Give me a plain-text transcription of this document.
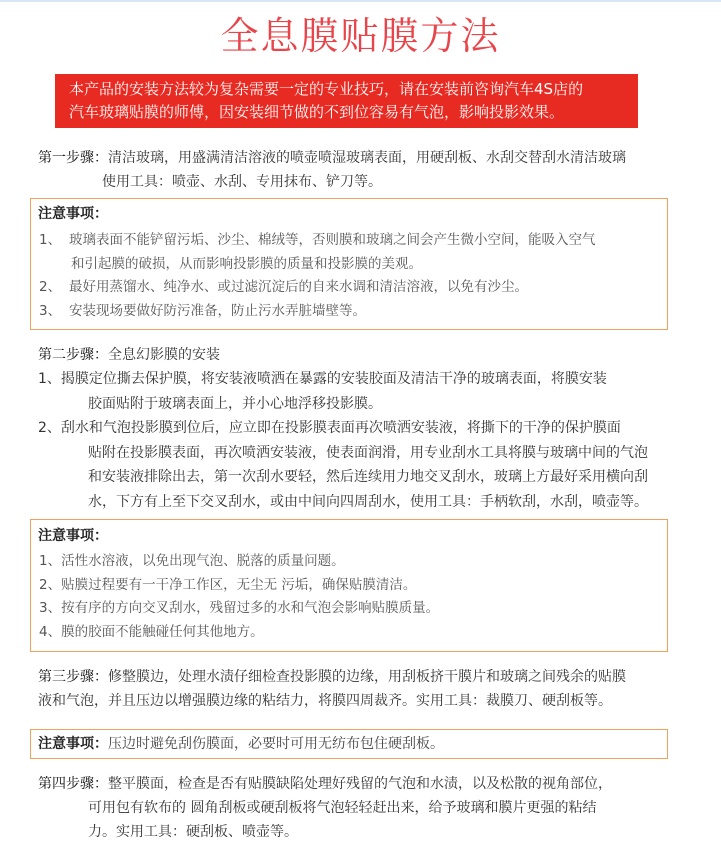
全息膜贴膜方法
本产品的安装方法较为复杂需要一定的专业技巧，请在安装前咨询汽车4S店的
汽车玻璃贴膜的师傅，因安装细节做的不到位容易有气泡，影响投影效果。
第一步骤：清洁玻璃，用盛满清洁溶液的喷壶喷湿玻璃表面，用硬刮板、水刮交替刮水清洁玻璃
使用工具：喷壶、水刮、专用抹布、铲刀等。
注意事项：
1、 玻璃表面不能铲留污垢、沙尘、棉绒等，否则膜和玻璃之间会产生微小空间，能吸入空气
和引起膜的破损，从而影响投影膜的质量和投影膜的美观。
2、 最好用蒸馏水、纯净水、或过滤沉淀后的自来水调和清洁溶液，以免有沙尘。
3、 安装现场要做好防污准备，防止污水弄脏墙壁等。
第二步骤：全息幻影膜的安装
1、揭膜定位撕去保护膜，将安装液喷洒在暴露的安装胶面及清洁干净的玻璃表面，将膜安装
胶面贴附于玻璃表面上，并小心地浮移投影膜。
2、刮水和气泡投影膜到位后，应立即在投影膜表面再次喷洒安装液，将撕下的干净的保护膜面
贴附在投影膜表面，再次喷洒安装液，使表面润滑，用专业刮水工具将膜与玻璃中间的气泡
和安装液排除出去，第一次刮水要轻，然后连续用力地交叉刮水，玻璃上方最好采用横向刮
水，下方有上至下交叉刮水，或由中间向四周刮水，使用工具：手柄软刮，水刮，喷壶等。
注意事项：
1、活性水溶液，以免出现气泡、脱落的质量问题。
2、贴膜过程要有一干净工作区，无尘无 污垢，确保贴膜清洁。
3、按有序的方向交叉刮水，残留过多的水和气泡会影响贴膜质量。
4、膜的胶面不能触碰任何其他地方。
第三步骤：修整膜边，处理水渍仔细检查投影膜的边缘，用刮板挤干膜片和玻璃之间残余的贴膜
液和气泡，并且压边以增强膜边缘的粘结力，将膜四周裁齐。实用工具：裁膜刀、硬刮板等。
注意事项：压边时避免刮伤膜面，必要时可用无纺布包住硬刮板。
第四步骤：整平膜面，检查是否有贴膜缺陷处理好残留的气泡和水渍，以及松散的视角部位，
可用包有软布的 圆角刮板或硬刮板将气泡轻轻赶出来，给予玻璃和膜片更强的粘结
力。实用工具：硬刮板、喷壶等。
